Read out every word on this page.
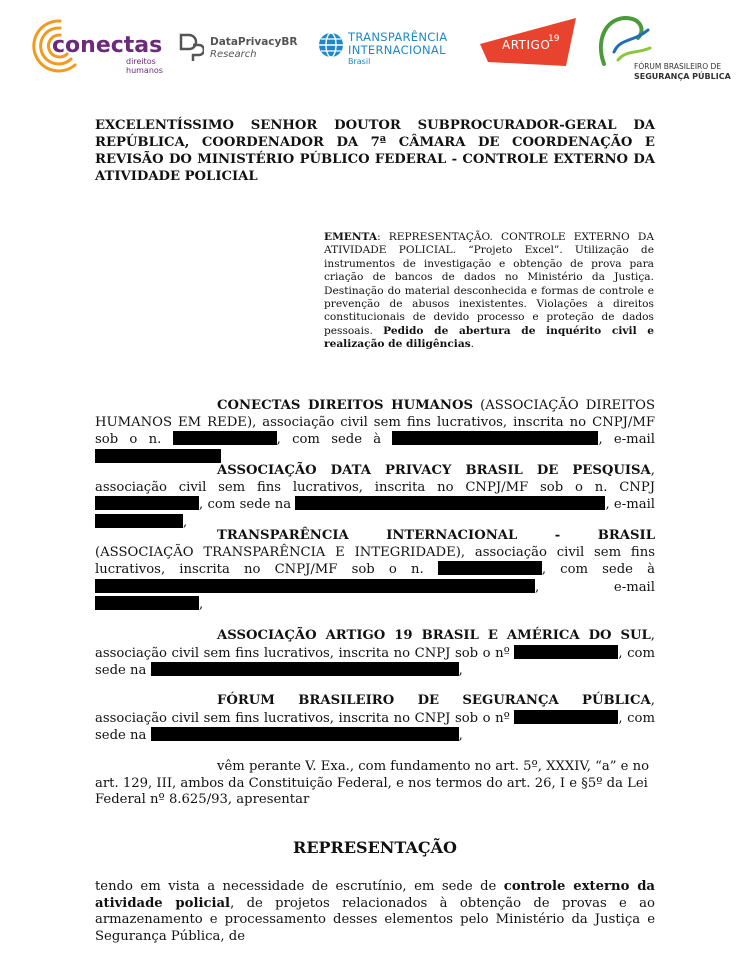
conectas
direitos
humanos
DataPrivacyBR
Research
TRANSPARÊNCIA
INTERNACIONAL
Brasil
ARTIGO
19
FÓRUM BRASILEIRO DE
SEGURANÇA PÚBLICA
EXCELENTÍSSIMO SENHOR DOUTOR SUBPROCURADOR-GERAL DA REPÚBLICA, COORDENADOR DA 7ª CÂMARA DE COORDENAÇÃO E REVISÃO DO MINISTÉRIO PÚBLICO FEDERAL - CONTROLE EXTERNO DA ATIVIDADE POLICIAL
EMENTA: REPRESENTAÇÃO. CONTROLE EXTERNO DA ATIVIDADE POLICIAL. “Projeto Excel”. Utilização de instrumentos de investigação e obtenção de prova para criação de bancos de dados no Ministério da Justiça. Destinação do material desconhecida e formas de controle e prevenção de abusos inexistentes. Violações a direitos constitucionais de devido processo e proteção de dados pessoais. Pedido de abertura de inquérito civil e realização de diligências.
CONECTAS DIREITOS HUMANOS (ASSOCIAÇÃO DIREITOS HUMANOS EM REDE), associação civil sem fins lucrativos, inscrita no CNPJ/MF sob o n.	, com sede à	, e-mail
ASSOCIAÇÃO DATA PRIVACY BRASIL DE PESQUISA, associação civil sem fins lucrativos, inscrita no CNPJ/MF sob o n. CNPJ , com sede na	, e-mail ,
TRANSPARÊNCIA INTERNACIONAL - BRASIL (ASSOCIAÇÃO TRANSPARÊNCIA E INTEGRIDADE), associação civil sem fins lucrativos, inscrita no CNPJ/MF sob o n.	, com sede à , e-mail ,
ASSOCIAÇÃO ARTIGO 19 BRASIL E AMÉRICA DO SUL, associação civil sem fins lucrativos, inscrita no CNPJ sob o nº	, com sede na	,
FÓRUM BRASILEIRO DE SEGURANÇA PÚBLICA, associação civil sem fins lucrativos, inscrita no CNPJ sob o nº	, com sede na	,
vêm perante V. Exa., com fundamento no art. 5º, XXXIV, “a” e no art. 129, III, ambos da Constituição Federal, e nos termos do art. 26, I e §5º da Lei Federal nº 8.625/93, apresentar
REPRESENTAÇÃO
tendo em vista a necessidade de escrutínio, em sede de controle externo da atividade policial, de projetos relacionados à obtenção de provas e ao armazenamento e processamento desses elementos pelo Ministério da Justiça e Segurança Pública, de
